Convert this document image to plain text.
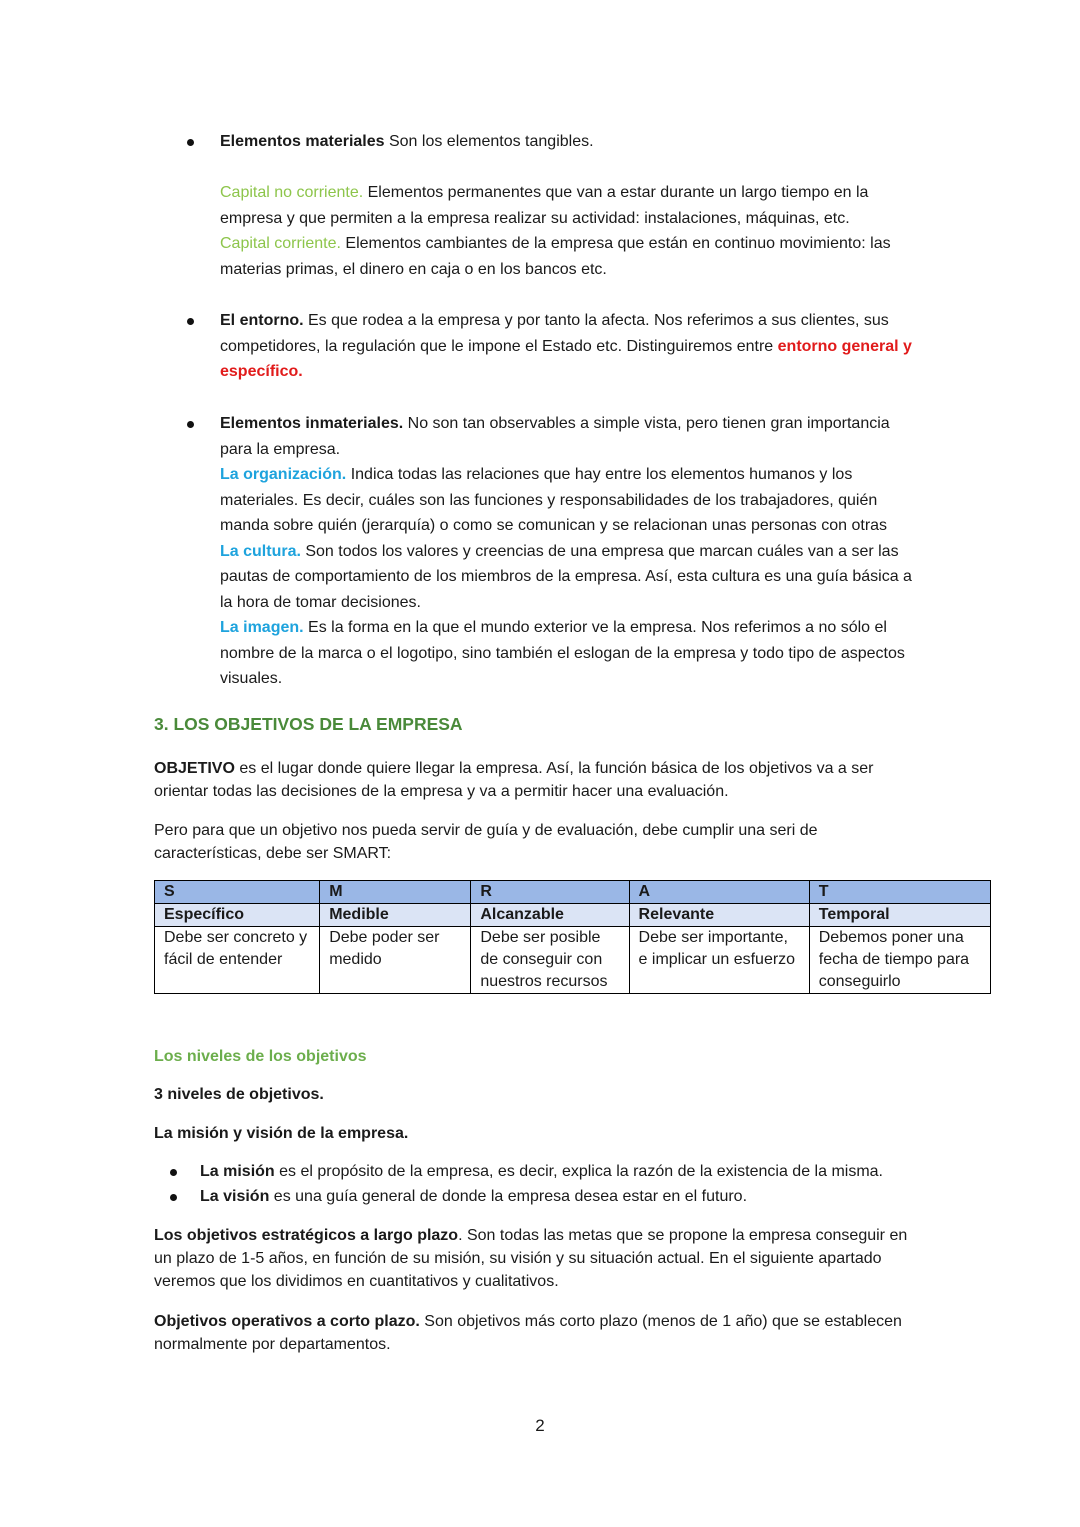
Elementos materiales Son los elementos tangibles.
Capital no corriente. Elementos permanentes que van a estar durante un largo tiempo en la empresa y que permiten a la empresa realizar su actividad: instalaciones, máquinas, etc.
Capital corriente. Elementos cambiantes de la empresa que están en continuo movimiento: las materias primas, el dinero en caja o en los bancos etc.
El entorno. Es que rodea a la empresa y por tanto la afecta. Nos referimos a sus clientes, sus competidores, la regulación que le impone el Estado etc. Distinguiremos entre entorno general y específico.
Elementos inmateriales. No son tan observables a simple vista, pero tienen gran importancia para la empresa.
La organización. Indica todas las relaciones que hay entre los elementos humanos y los materiales. Es decir, cuáles son las funciones y responsabilidades de los trabajadores, quién manda sobre quién (jerarquía) o como se comunican y se relacionan unas personas con otras
La cultura. Son todos los valores y creencias de una empresa que marcan cuáles van a ser las pautas de comportamiento de los miembros de la empresa. Así, esta cultura es una guía básica a la hora de tomar decisiones.
La imagen. Es la forma en la que el mundo exterior ve la empresa. Nos referimos a no sólo el nombre de la marca o el logotipo, sino también el eslogan de la empresa y todo tipo de aspectos visuales.
3. LOS OBJETIVOS DE LA EMPRESA
OBJETIVO es el lugar donde quiere llegar la empresa. Así, la función básica de los objetivos va a ser orientar todas las decisiones de la empresa y va a permitir hacer una evaluación.
Pero para que un objetivo nos pueda servir de guía y de evaluación, debe cumplir una seri de características, debe ser SMART:
S	M	R	A	T
Específico	Medible	Alcanzable	Relevante	Temporal
Debe ser concreto y fácil de entender	Debe poder ser medido	Debe ser posible de conseguir con nuestros recursos	Debe ser importante, e implicar un esfuerzo	Debemos poner una fecha de tiempo para conseguirlo
Los niveles de los objetivos
3 niveles de objetivos.
La misión y visión de la empresa.
La misión es el propósito de la empresa, es decir, explica la razón de la existencia de la misma.
La visión es una guía general de donde la empresa desea estar en el futuro.
Los objetivos estratégicos a largo plazo. Son todas las metas que se propone la empresa conseguir en un plazo de 1-5 años, en función de su misión, su visión y su situación actual. En el siguiente apartado veremos que los dividimos en cuantitativos y cualitativos.
Objetivos operativos a corto plazo. Son objetivos más corto plazo (menos de 1 año) que se establecen normalmente por departamentos.
2
